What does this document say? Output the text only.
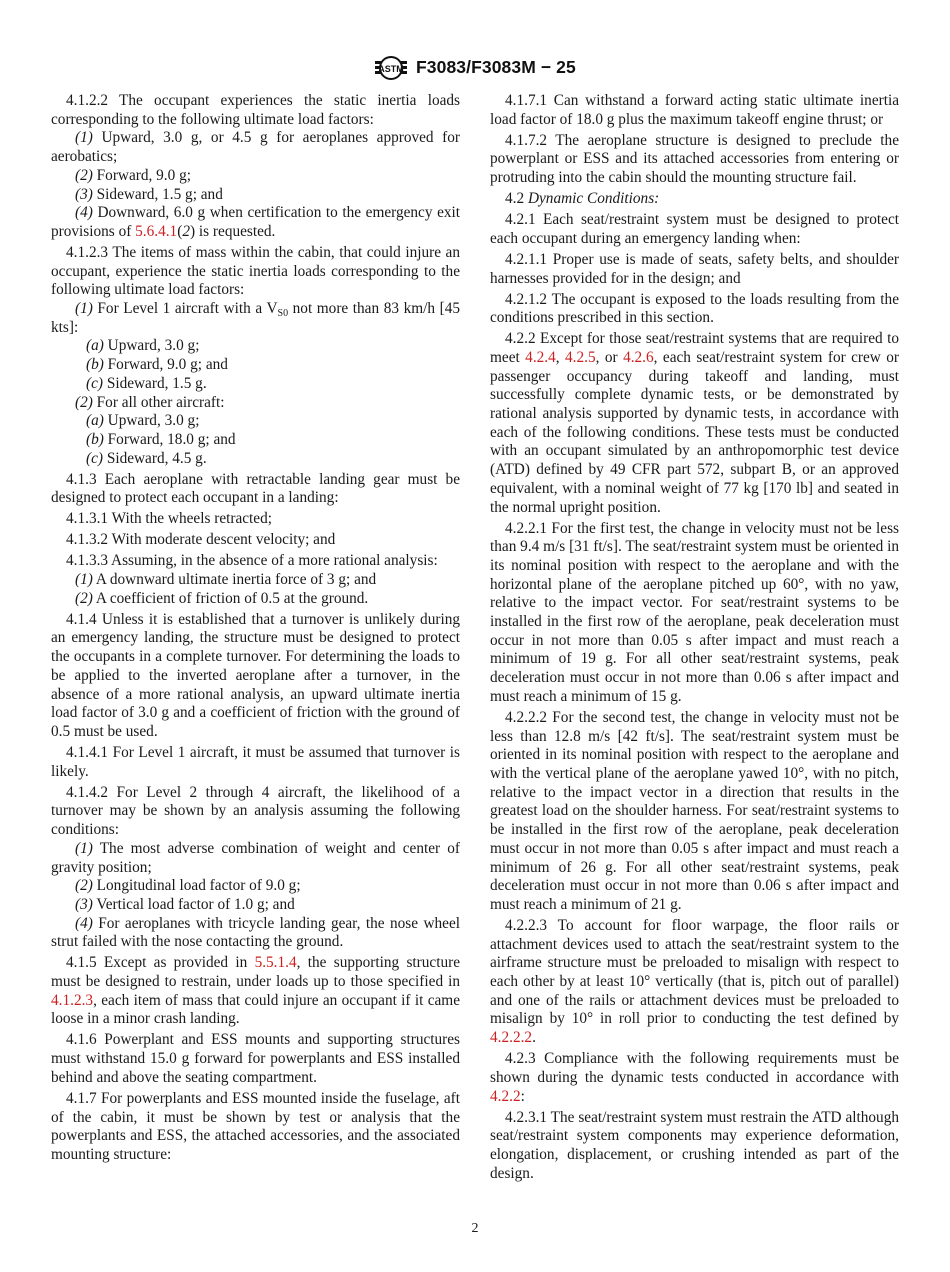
ASTM F3083/F3083M − 25

4.1.2.2 The occupant experiences the static inertia loads corresponding to the following ultimate load factors:

(1) Upward, 3.0 g, or 4.5 g for aeroplanes approved for aerobatics;

(2) Forward, 9.0 g;

(3) Sideward, 1.5 g; and

(4) Downward, 6.0 g when certification to the emergency exit provisions of 5.6.4.1(2) is requested.

4.1.2.3 The items of mass within the cabin, that could injure an occupant, experience the static inertia loads corresponding to the following ultimate load factors:

(1) For Level 1 aircraft with a $V_{S0}$ not more than 83 km/h [45 kts]:

(a) Upward, 3.0 g;

(b) Forward, 9.0 g; and

(c) Sideward, 1.5 g.

(2) For all other aircraft:

(a) Upward, 3.0 g;

(b) Forward, 18.0 g; and

(c) Sideward, 4.5 g.

4.1.3 Each aeroplane with retractable landing gear must be designed to protect each occupant in a landing:

4.1.3.1 With the wheels retracted;

4.1.3.2 With moderate descent velocity; and

4.1.3.3 Assuming, in the absence of a more rational analysis:

(1) A downward ultimate inertia force of 3 g; and

(2) A coefficient of friction of 0.5 at the ground.

4.1.4 Unless it is established that a turnover is unlikely during an emergency landing, the structure must be designed to protect the occupants in a complete turnover. For determining the loads to be applied to the inverted aeroplane after a turnover, in the absence of a more rational analysis, an upward ultimate inertia load factor of 3.0 g and a coefficient of friction with the ground of 0.5 must be used.

4.1.4.1 For Level 1 aircraft, it must be assumed that turnover is likely.

4.1.4.2 For Level 2 through 4 aircraft, the likelihood of a turnover may be shown by an analysis assuming the following conditions:

(1) The most adverse combination of weight and center of gravity position;

(2) Longitudinal load factor of 9.0 g;

(3) Vertical load factor of 1.0 g; and

(4) For aeroplanes with tricycle landing gear, the nose wheel strut failed with the nose contacting the ground.

4.1.5 Except as provided in 5.5.1.4, the supporting structure must be designed to restrain, under loads up to those specified in 4.1.2.3, each item of mass that could injure an occupant if it came loose in a minor crash landing.

4.1.6 Powerplant and ESS mounts and supporting structures must withstand 15.0 g forward for powerplants and ESS installed behind and above the seating compartment.

4.1.7 For powerplants and ESS mounted inside the fuselage, aft of the cabin, it must be shown by test or analysis that the powerplants and ESS, the attached accessories, and the associated mounting structure:

4.1.7.1 Can withstand a forward acting static ultimate inertia load factor of 18.0 g plus the maximum takeoff engine thrust; or

4.1.7.2 The aeroplane structure is designed to preclude the powerplant or ESS and its attached accessories from entering or protruding into the cabin should the mounting structure fail.

4.2 Dynamic Conditions:

4.2.1 Each seat/restraint system must be designed to protect each occupant during an emergency landing when:

4.2.1.1 Proper use is made of seats, safety belts, and shoulder harnesses provided for in the design; and

4.2.1.2 The occupant is exposed to the loads resulting from the conditions prescribed in this section.

4.2.2 Except for those seat/restraint systems that are required to meet 4.2.4, 4.2.5, or 4.2.6, each seat/restraint system for crew or passenger occupancy during takeoff and landing, must successfully complete dynamic tests, or be demonstrated by rational analysis supported by dynamic tests, in accordance with each of the following conditions. These tests must be conducted with an occupant simulated by an anthropomorphic test device (ATD) defined by 49 CFR part 572, subpart B, or an approved equivalent, with a nominal weight of 77 kg [170 lb] and seated in the normal upright position.

4.2.2.1 For the first test, the change in velocity must not be less than 9.4 m/s [31 ft/s]. The seat/restraint system must be oriented in its nominal position with respect to the aeroplane and with the horizontal plane of the aeroplane pitched up 60°, with no yaw, relative to the impact vector. For seat/restraint systems to be installed in the first row of the aeroplane, peak deceleration must occur in not more than 0.05 s after impact and must reach a minimum of 19 g. For all other seat/restraint systems, peak deceleration must occur in not more than 0.06 s after impact and must reach a minimum of 15 g.

4.2.2.2 For the second test, the change in velocity must not be less than 12.8 m/s [42 ft/s]. The seat/restraint system must be oriented in its nominal position with respect to the aeroplane and with the vertical plane of the aeroplane yawed 10°, with no pitch, relative to the impact vector in a direction that results in the greatest load on the shoulder harness. For seat/restraint systems to be installed in the first row of the aeroplane, peak deceleration must occur in not more than 0.05 s after impact and must reach a minimum of 26 g. For all other seat/restraint systems, peak deceleration must occur in not more than 0.06 s after impact and must reach a minimum of 21 g.

4.2.2.3 To account for floor warpage, the floor rails or attachment devices used to attach the seat/restraint system to the airframe structure must be preloaded to misalign with respect to each other by at least 10° vertically (that is, pitch out of parallel) and one of the rails or attachment devices must be preloaded to misalign by 10° in roll prior to conducting the test defined by 4.2.2.2.

4.2.3 Compliance with the following requirements must be shown during the dynamic tests conducted in accordance with 4.2.2:

4.2.3.1 The seat/restraint system must restrain the ATD although seat/restraint system components may experience deformation, elongation, displacement, or crushing intended as part of the design.

2
